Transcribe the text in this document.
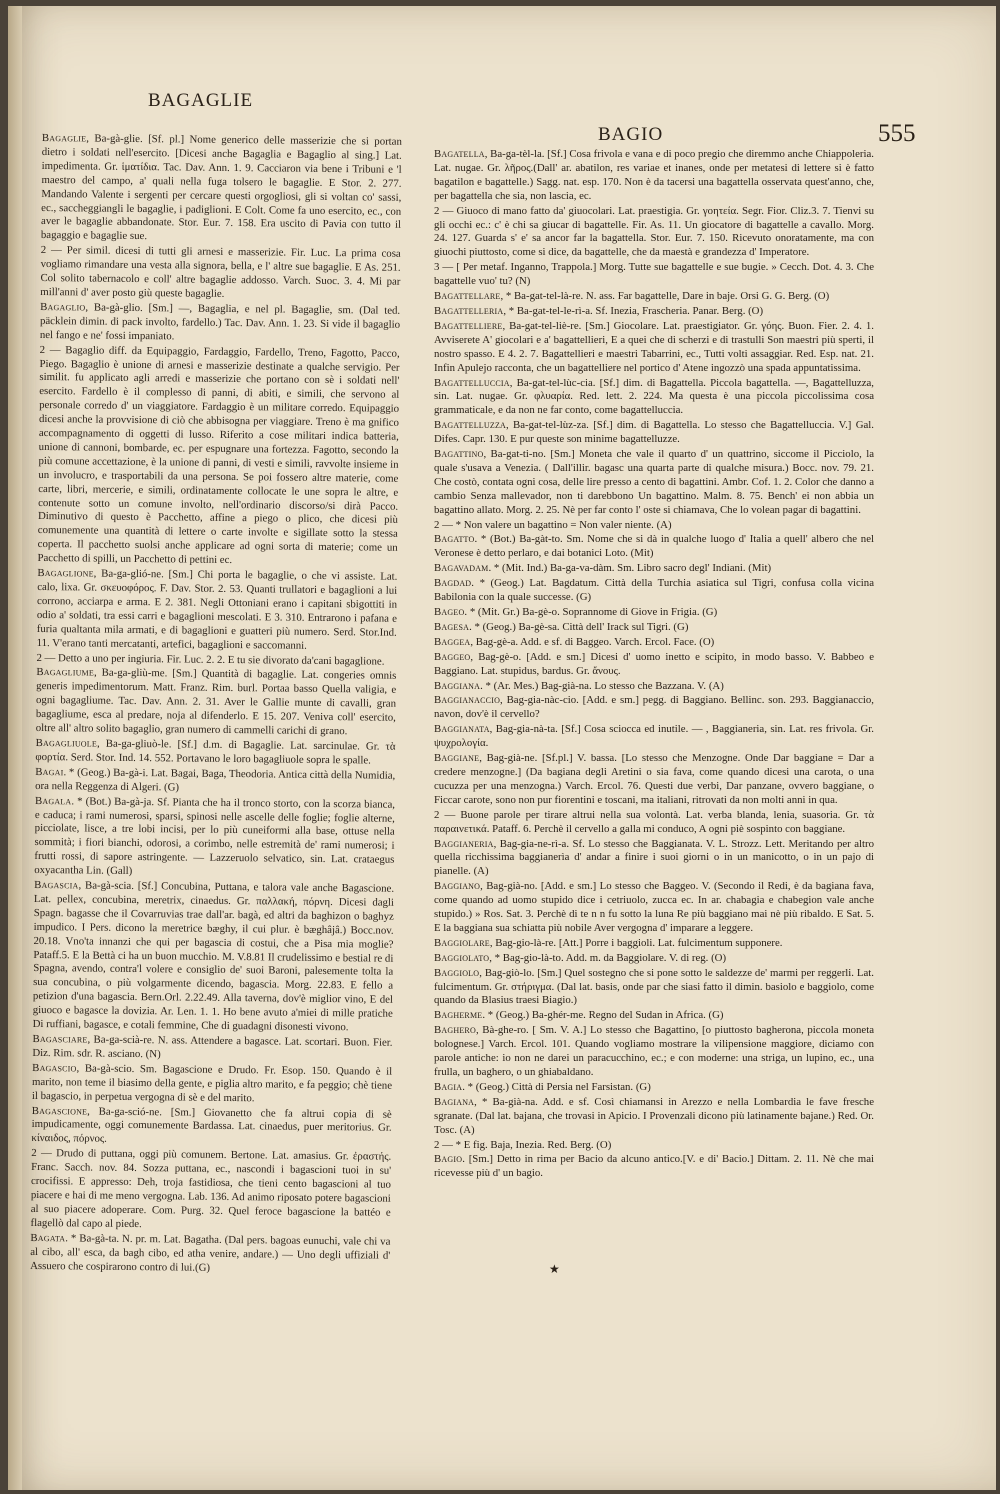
BAGAGLIE
BAGIO	555

Bagaglie, Ba-gà-glie. [Sf. pl.] Nome generico delle masserizie che si portan dietro i soldati nell'esercito. [Dicesi anche Bagaglia e Bagaglio al sing.] Lat. impedimenta. Gr. ἱματίδια. Tac. Dav. Ann. 1. 9. Cacciaron via bene i Tribuni e 'l maestro del campo, a' quali nella fuga tolsero le bagaglie. E Stor. 2. 277. Mandando Valente i sergenti per cercare questi orgogliosi, gli si voltan co' sassi, ec., saccheggiangli le bagaglie, i padiglioni. E Colt. Come fa uno esercito, ec., con aver le bagaglie abbandonate. Stor. Eur. 7. 158. Era uscito di Pavia con tutto il bagaggio e bagaglie sue.

2 — Per simil. dicesi di tutti gli arnesi e masserizie. Fir. Luc. La prima cosa vogliamo rimandare una vesta alla signora, bella, e l' altre sue bagaglie. E As. 251. Col solito tabernacolo e coll' altre bagaglie addosso. Varch. Suoc. 3. 4. Mi par mill'anni d' aver posto giù queste bagaglie.

Bagaglio, Ba-gà-glio. [Sm.] —, Bagaglia, e nel pl. Bagaglie, sm. (Dal ted. päcklein dimin. di pack involto, fardello.) Tac. Dav. Ann. 1. 23. Si vide il bagaglio nel fango e ne' fossi impaniato.

2 — Bagaglio diff. da Equipaggio, Fardaggio, Fardello, Treno, Fagotto, Pacco, Piego. Bagaglio è unione di arnesi e masserizie destinate a qualche servigio. Per similit. fu applicato agli arredi e masserizie che portano con sè i soldati nell' esercito. Fardello è il complesso di panni, di abiti, e simili, che servono al personale corredo d' un viaggiatore. Fardaggio è un militare corredo. Equipaggio dicesi anche la provvisione di ciò che abbisogna per viaggiare. Treno è ma gnifico accompagnamento di oggetti di lusso. Riferito a cose militari indica batteria, unione di cannoni, bombarde, ec. per espugnare una fortezza. Fagotto, secondo la più comune accettazione, è la unione di panni, di vesti e simili, ravvolte insieme in un involucro, e trasportabili da una persona. Se poi fossero altre materie, come carte, libri, mercerie, e simili, ordinatamente collocate le une sopra le altre, e contenute sotto un comune involto, nell'ordinario discorso/si dirà Pacco. Diminutivo di questo è Pacchetto, affine a piego o plico, che dicesi più comunemente una quantità di lettere o carte involte e sigillate sotto la stessa coperta. Il pacchetto suolsi anche applicare ad ogni sorta di materie; come un Pacchetto di spilli, un Pacchetto di pettini ec.

Bagaglione, Ba-ga-glió-ne. [Sm.] Chi porta le bagaglie, o che vi assiste. Lat. calo, lixa. Gr. σκευοφόρος. F. Dav. Stor. 2. 53. Quanti trullatori e bagaglioni a lui corrono, acciarpa e arma. E 2. 381. Negli Ottoniani erano i capitani sbigottiti in odio a' soldati, tra essi carri e bagaglioni mescolati. E 3. 310. Entrarono i pafana e furia qualtanta mila armati, e di bagaglioni e guatteri più numero. Serd. Stor.Ind. 11. V'erano tanti mercatanti, artefici, bagaglioni e saccomanni.

2 — Detto a uno per ingiuria. Fir. Luc. 2. 2. E tu sie divorato da'cani bagaglione.

Bagagliume, Ba-ga-gliù-me. [Sm.] Quantità di bagaglie. Lat. congeries omnis generis impedimentorum. Matt. Franz. Rim. burl. Portaa basso Quella valigia, e ogni bagagliume. Tac. Dav. Ann. 2. 31. Aver le Gallie munte di cavalli, gran bagagliume, esca al predare, noja al difenderlo. E 15. 207. Veniva coll' esercito, oltre all' altro solito bagaglio, gran numero di cammelli carichi di grano.

Bagagliuole, Ba-ga-gliuò-le. [Sf.] d.m. di Bagaglie. Lat. sarcinulae. Gr. τὰ φορτία. Serd. Stor. Ind. 14. 552. Portavano le loro bagagliuole sopra le spalle.

Bagai. * (Geog.) Ba-gà-i. Lat. Bagai, Baga, Theodoria. Antica città della Numidia, ora nella Reggenza di Algeri. (G)

Bagala. * (Bot.) Ba-gà-ja. Sf. Pianta che ha il tronco storto, con la scorza bianca, e caduca; i rami numerosi, sparsi, spinosi nelle ascelle delle foglie; foglie alterne, picciolate, lisce, a tre lobi incisi, per lo più cuneiformi alla base, ottuse nella sommità; i fiori bianchi, odorosi, a corimbo, nelle estremità de' rami numerosi; i frutti rossi, di sapore astringente. — Lazzeruolo selvatico, sin. Lat. crataegus oxyacantha Lin. (Gall)

Bagascia, Ba-gà-scia. [Sf.] Concubina, Puttana, e talora vale anche Bagascione. Lat. pellex, concubina, meretrix, cinaedus. Gr. παλλακή, πόρνη. Dicesi dagli Spagn. bagasse che il Covarruvias trae dall'ar. bagà, ed altri da baghizon o baghyz impudico. I Pers. dicono la meretrice bæghy, il cui plur. è bæghâjâ.) Bocc.nov. 20.18. Vno'ta innanzi che qui per bagascia di costui, che a Pisa mia moglie? Pataff.5. E la Bettà ci ha un buon mucchio. M. V.8.81 Il crudelissimo e bestial re di Spagna, avendo, contra'l volere e consiglio de' suoi Baroni, palesemente tolta la sua concubina, o più volgarmente dicendo, bagascia. Morg. 22.83. E fello a petizion d'una bagascia. Bern.Orl. 2.22.49. Alla taverna, dov'è miglior vino, E del giuoco e bagasce la dovizia. Ar. Len. 1. 1. Ho bene avuto a'miei di mille pratiche Di ruffiani, bagasce, e cotali femmine, Che di guadagni disonesti vivono.

Bagasciare, Ba-ga-scià-re. N. ass. Attendere a bagasce. Lat. scortari. Buon. Fier. Diz. Rim. sdr. R. asciano. (N)

Bagascio, Ba-gà-scio. Sm. Bagascione e Drudo. Fr. Esop. 150. Quando è il marito, non teme il biasimo della gente, e piglia altro marito, e fa peggio; chè tiene il bagascio, in perpetua vergogna di sè e del marito.

Bagascione, Ba-ga-sció-ne. [Sm.] Giovanetto che fa altrui copia di sè impudicamente, oggi comunemente Bardassa. Lat. cinaedus, puer meritorius. Gr. κίναιδος, πόρνος.

2 — Drudo di puttana, oggi più comunem. Bertone. Lat. amasius. Gr. ἐραστής. Franc. Sacch. nov. 84. Sozza puttana, ec., nascondi i bagascioni tuoi in su' crocifissi. E appresso: Deh, troja fastidiosa, che tieni cento bagascioni al tuo piacere e hai di me meno vergogna. Lab. 136. Ad animo riposato potere bagascioni al suo piacere adoperare. Com. Purg. 32. Quel feroce bagascione la battéo e flagellò dal capo al piede.

Bagata. * Ba-gà-ta. N. pr. m. Lat. Bagatha. (Dal pers. bagoas eunuchi, vale chi va al cibo, all' esca, da bagh cibo, ed atha venire, andare.) — Uno degli uffiziali d' Assuero che cospirarono contro di lui.(G)

Bagatella, Ba-ga-tèl-la. [Sf.] Cosa frivola e vana e di poco pregio che diremmo anche Chiappoleria. Lat. nugae. Gr. λῆρος.(Dall' ar. abatilon, res variae et inanes, onde per metatesi di lettere si è fatto bagatilon e bagattelle.) Sagg. nat. esp. 170. Non è da tacersi una bagattella osservata quest'anno, che, per bagattella che sia, non lascia, ec.

2 — Giuoco di mano fatto da' giuocolari. Lat. praestigia. Gr. γοητεία. Segr. Fior. Cliz.3. 7. Tienvi su gli occhi ec.: c' è chi sa giucar di bagattelle. Fir. As. 11. Un giocatore di bagattelle a cavallo. Morg. 24. 127. Guarda s' e' sa ancor far la bagattella. Stor. Eur. 7. 150. Ricevuto onoratamente, ma con giuochi piuttosto, come si dice, da bagattelle, che da maestà e grandezza d' Imperatore.

3 — [ Per metaf. Inganno, Trappola.] Morg. Tutte sue bagattelle e sue bugie. » Cecch. Dot. 4. 3. Che bagattelle vuo' tu? (N)

Bagattellare, * Ba-gat-tel-là-re. N. ass. Far bagattelle, Dare in baje. Orsi G. G. Berg. (O)

Bagattelleria, * Ba-gat-tel-le-rì-a. Sf. Inezia, Frascheria. Panar. Berg. (O)

Bagattelliere, Ba-gat-tel-liè-re. [Sm.] Giocolare. Lat. praestigiator. Gr. γόης. Buon. Fier. 2. 4. 1. Avviserete A' giocolari e a' bagattellieri, E a quei che di scherzi e di trastulli Son maestri più sperti, il nostro spasso. E 4. 2. 7. Bagattellieri e maestri Tabarrini, ec., Tutti volti assaggiar. Red. Esp. nat. 21. Infin Apulejo racconta, che un bagattelliere nel portico d' Atene ingozzò una spada appuntatissima.

Bagattelluccia, Ba-gat-tel-lùc-cia. [Sf.] dim. di Bagattella. Piccola bagattella. —, Bagattelluzza, sin. Lat. nugae. Gr. φλυαρία. Red. lett. 2. 224. Ma questa è una piccola piccolissima cosa grammaticale, e da non ne far conto, come bagattelluccia.

Bagattelluzza, Ba-gat-tel-lùz-za. [Sf.] dim. di Bagattella. Lo stesso che Bagattelluccia. V.] Gal. Difes. Capr. 130. E pur queste son minime bagattelluzze.

Bagattino, Ba-gat-ti-no. [Sm.] Moneta che vale il quarto d' un quattrino, siccome il Picciolo, la quale s'usava a Venezia. ( Dall'illir. bagasc una quarta parte di qualche misura.) Bocc. nov. 79. 21. Che costò, contata ogni cosa, delle lire presso a cento di bagattini. Ambr. Cof. 1. 2. Color che danno a cambio Senza mallevador, non ti darebbono Un bagattino. Malm. 8. 75. Bench' ei non abbia un bagattino allato. Morg. 2. 25. Nè per far conto l' oste si chiamava, Che lo volean pagar di bagattini.

2 — * Non valere un bagattino = Non valer niente. (A)

Bagatto. * (Bot.) Ba-gàt-to. Sm. Nome che si dà in qualche luogo d' Italia a quell' albero che nel Veronese è detto perlaro, e dai botanici Loto. (Mit)

Bagavadam. * (Mit. Ind.) Ba-ga-va-dàm. Sm. Libro sacro degl' Indiani. (Mit)

Bagdad. * (Geog.) Lat. Bagdatum. Città della Turchia asiatica sul Tigri, confusa colla vicina Babilonia con la quale successe. (G)

Bageo. * (Mit. Gr.) Ba-gè-o. Soprannome di Giove in Frigia. (G)

Bagesa. * (Geog.) Ba-gè-sa. Città dell' Irack sul Tigri. (G)

Baggea, Bag-gè-a. Add. e sf. di Baggeo. Varch. Ercol. Face. (O)

Baggeo, Bag-gè-o. [Add. e sm.] Dicesi d' uomo inetto e scipito, in modo basso. V. Babbeo e Baggiano. Lat. stupidus, bardus. Gr. ἄνους.

Baggiana. * (Ar. Mes.) Bag-già-na. Lo stesso che Bazzana. V. (A)

Baggianaccio, Bag-gia-nàc-cio. [Add. e sm.] pegg. di Baggiano. Bellinc. son. 293. Baggianaccio, navon, dov'è il cervello?

Baggianata, Bag-gia-nà-ta. [Sf.] Cosa sciocca ed inutile. — , Baggianeria, sin. Lat. res frivola. Gr. ψυχρολογία.

Baggiane, Bag-già-ne. [Sf.pl.] V. bassa. [Lo stesso che Menzogne. Onde Dar baggiane = Dar a credere menzogne.] (Da bagiana degli Aretini o sia fava, come quando dicesi una carota, o una cucuzza per una menzogna.) Varch. Ercol. 76. Questi due verbi, Dar panzane, ovvero baggiane, o Ficcar carote, sono non pur fiorentini e toscani, ma italiani, ritrovati da non molti anni in qua.

2 — Buone parole per tirare altrui nella sua volontà. Lat. verba blanda, lenia, suasoria. Gr. τὰ παραινετικά. Pataff. 6. Perchè il cervello a galla mi conduco, A ogni piè sospinto con baggiane.

Baggianeria, Bag-gia-ne-rì-a. Sf. Lo stesso che Baggianata. V. L. Strozz. Lett. Meritando per altro quella ricchissima baggianerìa d' andar a finire i suoi giorni o in un manicotto, o in un pajo di pianelle. (A)

Baggiano, Bag-già-no. [Add. e sm.] Lo stesso che Baggeo. V. (Secondo il Redi, è da bagiana fava, come quando ad uomo stupido dice i cetriuolo, zucca ec. In ar. chabagia e chabegion vale anche stupido.) » Ros. Sat. 3. Perchè di te n n fu sotto la luna Re più baggiano mai nè più ribaldo. E Sat. 5. E la baggiana sua schiatta più nobile Aver vergogna d' imparare a leggere.

Baggiolare, Bag-gio-là-re. [Att.] Porre i baggioli. Lat. fulcimentum supponere.

Baggiolato, * Bag-gio-là-to. Add. m. da Baggiolare. V. di reg. (O)

Baggiolo, Bag-giò-lo. [Sm.] Quel sostegno che si pone sotto le saldezze de' marmi per reggerli. Lat. fulcimentum. Gr. στήριγμα. (Dal lat. basis, onde par che siasi fatto il dimin. basiolo e baggiolo, come quando da Blasius traesi Biagio.)

Bagherme. * (Geog.) Ba-ghér-me. Regno del Sudan in Africa. (G)

Baghero, Bà-ghe-ro. [ Sm. V. A.] Lo stesso che Bagattino, [o piuttosto bagherona, piccola moneta bolognese.] Varch. Ercol. 101. Quando vogliamo mostrare la vilipensione maggiore, diciamo con parole antiche: io non ne darei un paracucchino, ec.; e con moderne: una striga, un lupino, ec., una frulla, un baghero, o un ghiabaldano.

Bagia. * (Geog.) Città di Persia nel Farsistan. (G)

Bagiana, * Ba-già-na. Add. e sf. Così chiamansi in Arezzo e nella Lombardia le fave fresche sgranate. (Dal lat. bajana, che trovasi in Apicio. I Provenzali dicono più latinamente bajane.) Red. Or. Tosc. (A)

2 — * E fig. Baja, Inezia. Red. Berg. (O)

Bagio. [Sm.] Detto in rima per Bacio da alcuno antico.[V. e di' Bacio.] Dittam. 2. 11. Nè che mai ricevesse più d' un bagio.

★
